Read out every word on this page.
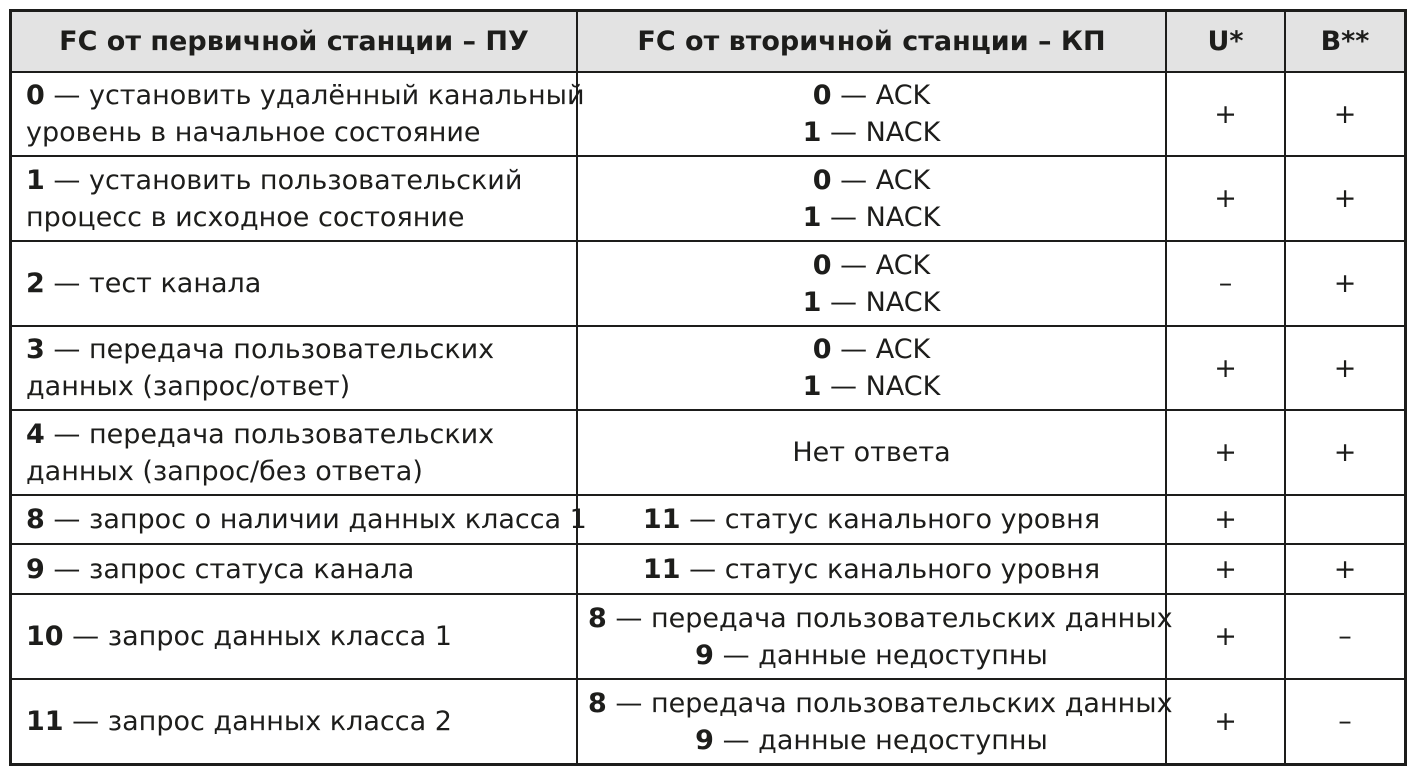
FC от первичной станции – ПУ	FC от вторичной станции – КП	U*	B**

0 — установить удалённый канальный
уровень в начальное состояние	0 — ACK
1 — NACK	+	+

1 — установить пользовательский
процесс в исходное состояние	0 — ACK
1 — NACK	+	+

2 — тест канала	0 — ACK
1 — NACK	–	+

3 — передача пользовательских
данных (запрос/ответ)	0 — ACK
1 — NACK	+	+

4 — передача пользовательских
данных (запрос/без ответа)	Нет ответа	+	+

8 — запрос о наличии данных класса 1	11 — статус канального уровня	+	

9 — запрос статуса канала	11 — статус канального уровня	+	+

10 — запрос данных класса 1	8 — передача пользовательских данных
9 — данные недоступны	+	–

11 — запрос данных класса 2	8 — передача пользовательских данных
9 — данные недоступны	+	–
